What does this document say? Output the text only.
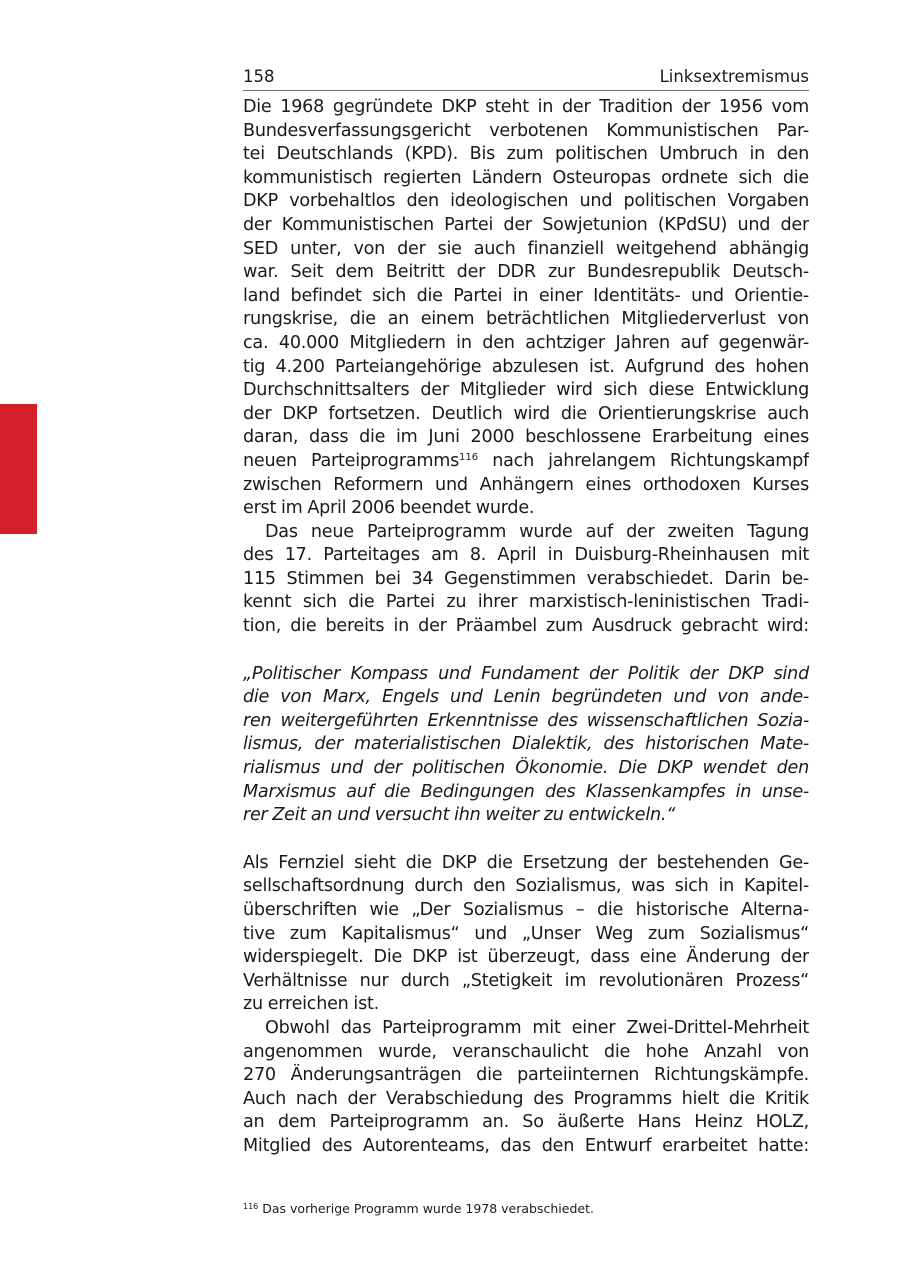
158	Linksextremismus
Die 1968 gegründete DKP steht in der Tradition der 1956 vom
Bundesverfassungsgericht verbotenen Kommunistischen Par-
tei Deutschlands (KPD). Bis zum politischen Umbruch in den
kommunistisch regierten Ländern Osteuropas ordnete sich die
DKP vorbehaltlos den ideologischen und politischen Vorgaben
der Kommunistischen Partei der Sowjetunion (KPdSU) und der
SED unter, von der sie auch finanziell weitgehend abhängig
war. Seit dem Beitritt der DDR zur Bundesrepublik Deutsch-
land befindet sich die Partei in einer Identitäts- und Orientie-
rungskrise, die an einem beträchtlichen Mitgliederverlust von
ca. 40.000 Mitgliedern in den achtziger Jahren auf gegenwär-
tig 4.200 Parteiangehörige abzulesen ist. Aufgrund des hohen
Durchschnittsalters der Mitglieder wird sich diese Entwicklung
der DKP fortsetzen. Deutlich wird die Orientierungskrise auch
daran, dass die im Juni 2000 beschlossene Erarbeitung eines
neuen Parteiprogramms$^{116}$ nach jahrelangem Richtungskampf
zwischen Reformern und Anhängern eines orthodoxen Kurses
erst im April 2006 beendet wurde.
Das neue Parteiprogramm wurde auf der zweiten Tagung
des 17. Parteitages am 8. April in Duisburg-Rheinhausen mit
115 Stimmen bei 34 Gegenstimmen verabschiedet. Darin be-
kennt sich die Partei zu ihrer marxistisch-leninistischen Tradi-
tion, die bereits in der Präambel zum Ausdruck gebracht wird:
„Politischer Kompass und Fundament der Politik der DKP sind
die von Marx, Engels und Lenin begründeten und von ande-
ren weitergeführten Erkenntnisse des wissenschaftlichen Sozia-
lismus, der materialistischen Dialektik, des historischen Mate-
rialismus und der politischen Ökonomie. Die DKP wendet den
Marxismus auf die Bedingungen des Klassenkampfes in unse-
rer Zeit an und versucht ihn weiter zu entwickeln.“
Als Fernziel sieht die DKP die Ersetzung der bestehenden Ge-
sellschaftsordnung durch den Sozialismus, was sich in Kapitel-
überschriften wie „Der Sozialismus – die historische Alterna-
tive zum Kapitalismus“ und „Unser Weg zum Sozialismus“
widerspiegelt. Die DKP ist überzeugt, dass eine Änderung der
Verhältnisse nur durch „Stetigkeit im revolutionären Prozess“
zu erreichen ist.
Obwohl das Parteiprogramm mit einer Zwei-Drittel-Mehrheit
angenommen wurde, veranschaulicht die hohe Anzahl von
270 Änderungsanträgen die parteiinternen Richtungskämpfe.
Auch nach der Verabschiedung des Programms hielt die Kritik
an dem Parteiprogramm an. So äußerte Hans Heinz HOLZ,
Mitglied des Autorenteams, das den Entwurf erarbeitet hatte:
$^{116}$ Das vorherige Programm wurde 1978 verabschiedet.
